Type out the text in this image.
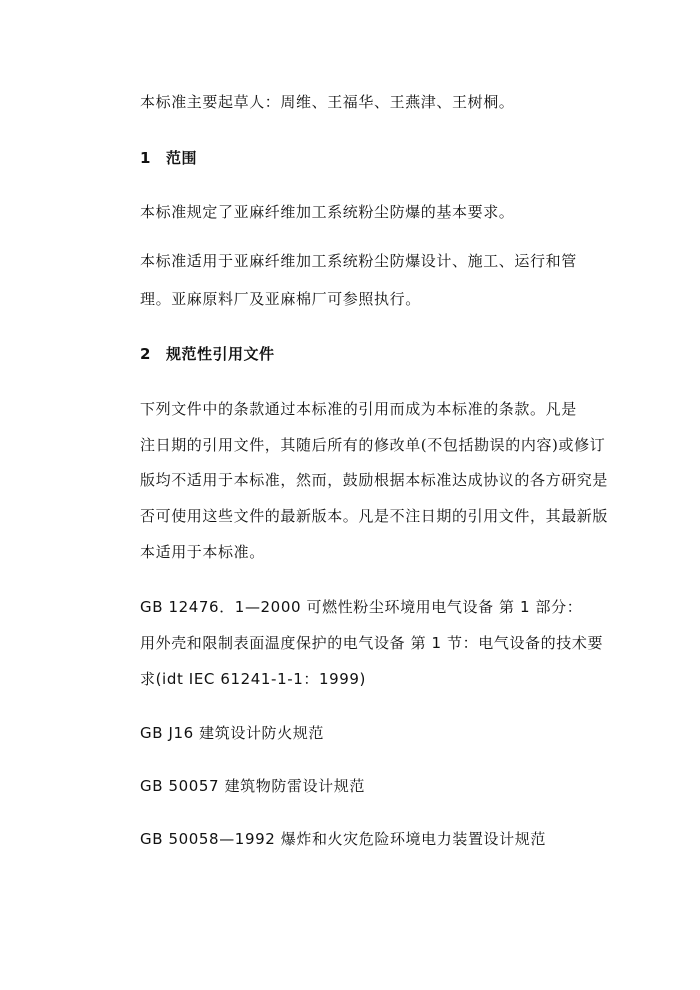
本标准主要起草人：周维、王福华、王燕津、王树桐。
1 范围
本标准规定了亚麻纤维加工系统粉尘防爆的基本要求。
本标准适用于亚麻纤维加工系统粉尘防爆设计、施工、运行和管
理。亚麻原料厂及亚麻棉厂可参照执行。
2 规范性引用文件
下列文件中的条款通过本标准的引用而成为本标准的条款。凡是
注日期的引用文件，其随后所有的修改单(不包括勘误的内容)或修订
版均不适用于本标准，然而，鼓励根据本标准达成协议的各方研究是
否可使用这些文件的最新版本。凡是不注日期的引用文件，其最新版
本适用于本标准。
GB 12476．1—2000 可燃性粉尘环境用电气设备 第 1 部分：
用外壳和限制表面温度保护的电气设备 第 1 节：电气设备的技术要
求(idt IEC 61241-1-1：1999)
GB J16 建筑设计防火规范
GB 50057 建筑物防雷设计规范
GB 50058—1992 爆炸和火灾危险环境电力装置设计规范
